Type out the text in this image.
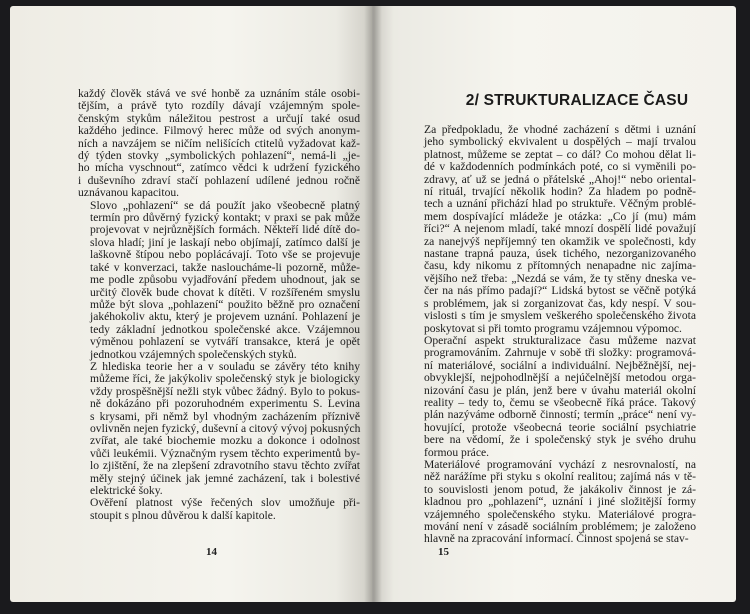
každý člověk stává ve své honbě za uznáním stále osobi-
tějším, a právě tyto rozdíly dávají vzájemným spole-
čenským stykům náležitou pestrost a určují také osud
každého jedince. Filmový herec může od svých anonym-
ních a navzájem se ničím nelišících ctitelů vyžadovat kaž-
dý týden stovky „symbolických pohlazení“, nemá-li „je-
ho mícha vyschnout“, zatímco vědci k udržení fyzického
i duševního zdraví stačí pohlazení udílené jednou ročně
uznávanou kapacitou.

Slovo „pohlazení“ se dá použít jako všeobecně platný
termín pro důvěrný fyzický kontakt; v praxi se pak může
projevovat v nejrůznějších formách. Někteří lidé dítě do-
slova hladí; jiní je laskají nebo objímají, zatímco další je
laškovně štípou nebo poplácávají. Toto vše se projevuje
také v konverzaci, takže nasloucháme-li pozorně, může-
me podle způsobu vyjadřování předem uhodnout, jak se
určitý člověk bude chovat k dítěti. V rozšířeném smyslu
může být slova „pohlazení“ použito běžně pro označení
jakéhokoliv aktu, který je projevem uznání. Pohlazení je
tedy základní jednotkou společenské akce. Vzájemnou
výměnou pohlazení se vytváří transakce, která je opět
jednotkou vzájemných společenských styků.

Z hlediska teorie her a v souladu se závěry této knihy
můžeme říci, že jakýkoliv společenský styk je biologicky
vždy prospěšnější nežli styk vůbec žádný. Bylo to pokus-
ně dokázáno při pozoruhodném experimentu S. Levina
s krysami, při němž byl vhodným zacházením příznivě
ovlivněn nejen fyzický, duševní a citový vývoj pokusných
zvířat, ale také biochemie mozku a dokonce i odolnost
vůči leukémii. Význačným rysem těchto experimentů by-
lo zjištění, že na zlepšení zdravotního stavu těchto zvířat
měly stejný účinek jak jemné zacházení, tak i bolestivé
elektrické šoky.

Ověření platnost výše řečených slov umožňuje při-
stoupit s plnou důvěrou k další kapitole.

14
2/ STRUKTURALIZACE ČASU

Za předpokladu, že vhodné zacházení s dětmi i uznání
jeho symbolický ekvivalent u dospělých – mají trvalou
platnost, můžeme se zeptat – co dál? Co mohou dělat li-
dé v každodenních podmínkách poté, co si vyměnili po-
zdravy, ať už se jedná o přátelské „Ahoj!“ nebo oriental-
ní rituál, trvající několik hodin? Za hladem po podně-
tech a uznání přichází hlad po struktuře. Věčným problé-
mem dospívající mládeže je otázka: „Co jí (mu) mám
říci?“ A nejenom mladí, také mnozí dospělí lidé považují
za nanejvýš nepříjemný ten okamžik ve společnosti, kdy
nastane trapná pauza, úsek tichého, nezorganizovaného
času, kdy nikomu z přítomných nenapadne nic zajíma-
vějšího než třeba: „Nezdá se vám, že ty stěny dneska ve-
čer na nás přímo padají?“ Lidská bytost se věčně potýká
s problémem, jak si zorganizovat čas, kdy nespí. V sou-
vislosti s tím je smyslem veškerého společenského života
poskytovat si při tomto programu vzájemnou výpomoc.

Operační aspekt strukturalizace času můžeme nazvat
programováním. Zahrnuje v sobě tři složky: programová-
ní materiálové, sociální a individuální. Nejběžnější, nej-
obvyklejší, nejpohodlnější a nejúčelnější metodou orga-
nizování času je plán, jenž bere v úvahu materiál okolní
reality – tedy to, čemu se všeobecně říká práce. Takový
plán nazýváme odborně činností; termín „práce“ není vy-
hovující, protože všeobecná teorie sociální psychiatrie
bere na vědomí, že i společenský styk je svého druhu
formou práce.

Materiálové programování vychází z nesrovnalostí, na
něž narážíme při styku s okolní realitou; zajímá nás v tě-
to souvislosti jenom potud, že jakákoliv činnost je zá-
kladnou pro „pohlazení“, uznání i jiné složitější formy
vzájemného společenského styku. Materiálové progra-
mování není v zásadě sociálním problémem; je založeno
hlavně na zpracování informací. Činnost spojená se stav-

15
